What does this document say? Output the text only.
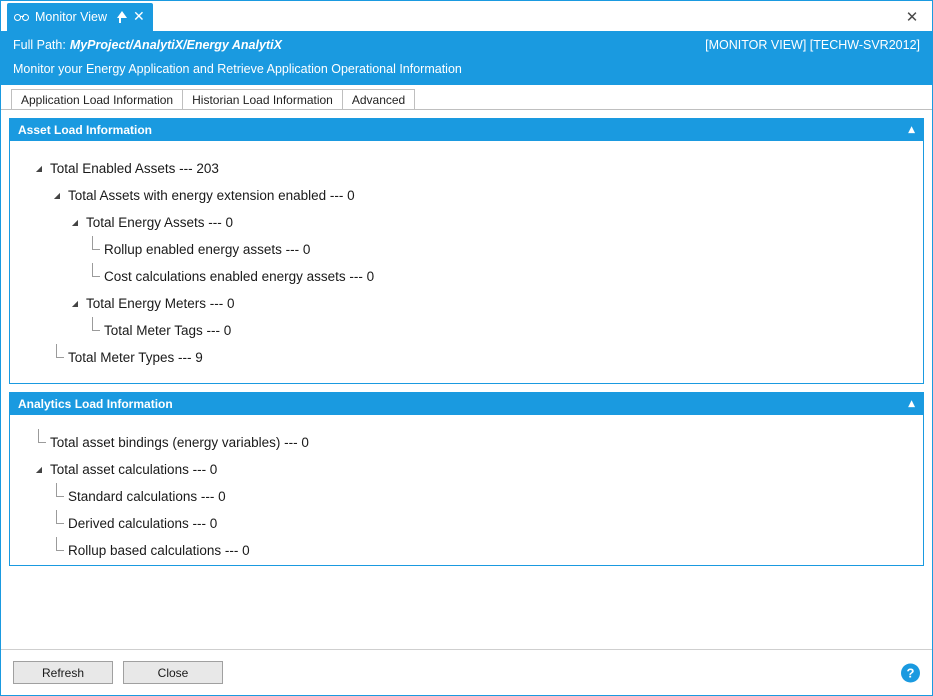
Monitor View ✕	✕
Full Path: MyProject/AnalytiX/Energy AnalytiX	[MONITOR VIEW] [TECHW-SVR2012]
Monitor your Energy Application and Retrieve Application Operational Information
Application Load Information	Historian Load Information	Advanced
Asset Load Information	▲
◢ Total Enabled Assets --- 203
◢ Total Assets with energy extension enabled --- 0
◢ Total Energy Assets --- 0
Rollup enabled energy assets --- 0
Cost calculations enabled energy assets --- 0
◢ Total Energy Meters --- 0
Total Meter Tags --- 0
Total Meter Types --- 9
Analytics Load Information	▲
Total asset bindings (energy variables) --- 0
◢ Total asset calculations --- 0
Standard calculations --- 0
Derived calculations --- 0
Rollup based calculations --- 0
Refresh	Close	?
